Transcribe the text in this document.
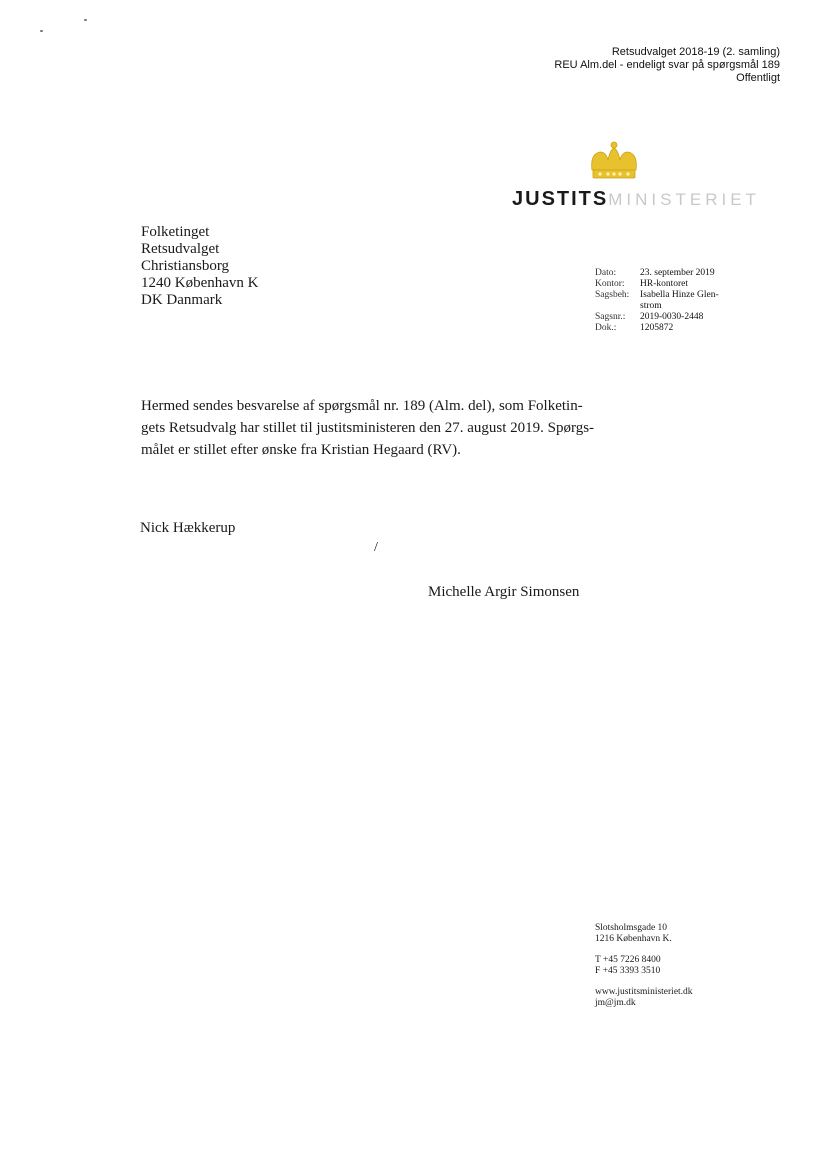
Retsudvalget 2018-19 (2. samling)
REU Alm.del - endeligt svar på spørgsmål 189
Offentligt
JUSTITSMINISTERIET
Folketinget
Retsudvalget
Christiansborg
1240 København K
DK Danmark
Dato:	23. september 2019
Kontor:	HR-kontoret
Sagsbeh:	Isabella Hinze Glen-
strom
Sagsnr.:	2019-0030-2448
Dok.:	1205872
Hermed sendes besvarelse af spørgsmål nr. 189 (Alm. del), som Folketin-
gets Retsudvalg har stillet til justitsministeren den 27. august 2019. Spørgs-
målet er stillet efter ønske fra Kristian Hegaard (RV).
Nick Hækkerup
/
Michelle Argir Simonsen
Slotsholmsgade 10
1216 København K.
T +45 7226 8400
F +45 3393 3510
www.justitsministeriet.dk
jm@jm.dk
